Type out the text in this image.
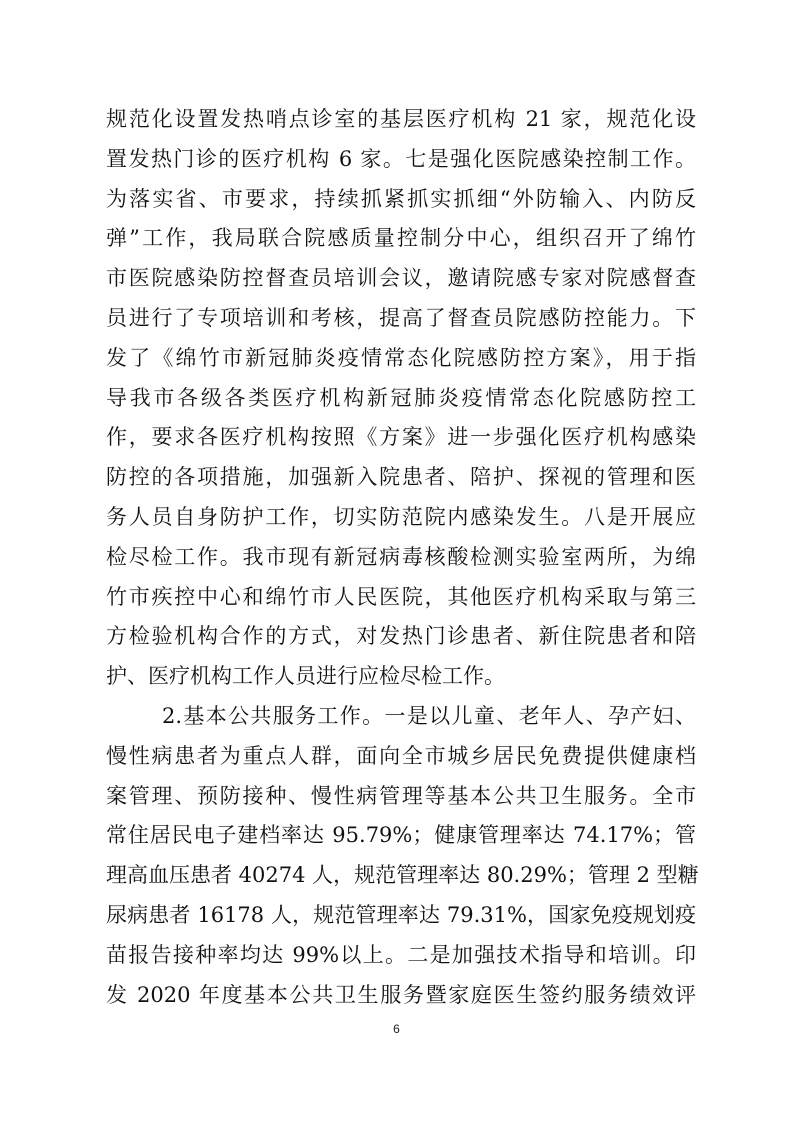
规范化设置发热哨点诊室的基层医疗机构 21 家，规范化设
置发热门诊的医疗机构 6 家。七是强化医院感染控制工作。
为落实省、市要求，持续抓紧抓实抓细“外防输入、内防反
弹”工作，我局联合院感质量控制分中心，组织召开了绵竹
市医院感染防控督查员培训会议，邀请院感专家对院感督查
员进行了专项培训和考核，提高了督查员院感防控能力。下
发了《绵竹市新冠肺炎疫情常态化院感防控方案》，用于指
导我市各级各类医疗机构新冠肺炎疫情常态化院感防控工
作，要求各医疗机构按照《方案》进一步强化医疗机构感染
防控的各项措施，加强新入院患者、陪护、探视的管理和医
务人员自身防护工作，切实防范院内感染发生。八是开展应
检尽检工作。我市现有新冠病毒核酸检测实验室两所，为绵
竹市疾控中心和绵竹市人民医院，其他医疗机构采取与第三
方检验机构合作的方式，对发热门诊患者、新住院患者和陪
护、医疗机构工作人员进行应检尽检工作。
2.基本公共服务工作。一是以儿童、老年人、孕产妇、
慢性病患者为重点人群，面向全市城乡居民免费提供健康档
案管理、预防接种、慢性病管理等基本公共卫生服务。全市
常住居民电子建档率达 95.79%；健康管理率达 74.17%；管
理高血压患者 40274 人，规范管理率达 80.29%；管理 2 型糖
尿病患者 16178 人，规范管理率达 79.31%，国家免疫规划疫
苗报告接种率均达 99%以上。二是加强技术指导和培训。印
发 2020 年度基本公共卫生服务暨家庭医生签约服务绩效评
6
